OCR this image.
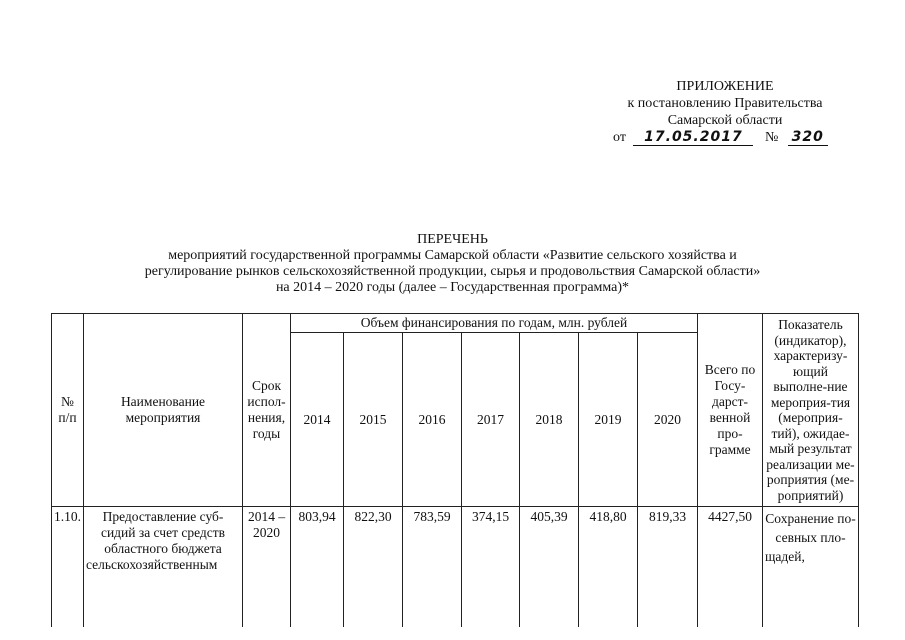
ПРИЛОЖЕНИЕ
к постановлению Правительства
Самарской области
от 17.05.2017 № 320
ПЕРЕЧЕНЬ
мероприятий государственной программы Самарской области «Развитие сельского хозяйства и
регулирование рынков сельскохозяйственной продукции, сырья и продовольствия Самарской области»
на 2014 – 2020 годы (далее – Государственная программа)*
№ п/п	Наименование мероприятия	Срок испол-нения, годы	Объем финансирования по годам, млн. рублей							Всего по Госу-дарст-венной про-грамме	Показатель (индикатор), характеризу-ющий выполне-ние мероприя-тия (мероприя-тий), ожидае-мый результат реализации ме-роприятия (ме-роприятий)
			2014	2015	2016	2017	2018	2019	2020		
1.10.	Предоставление суб-сидий за счет средств областного бюджета сельскохозяйственным	2014 – 2020	803,94	822,30	783,59	374,15	405,39	418,80	819,33	4427,50	Сохранение по-севных пло-щадей,
